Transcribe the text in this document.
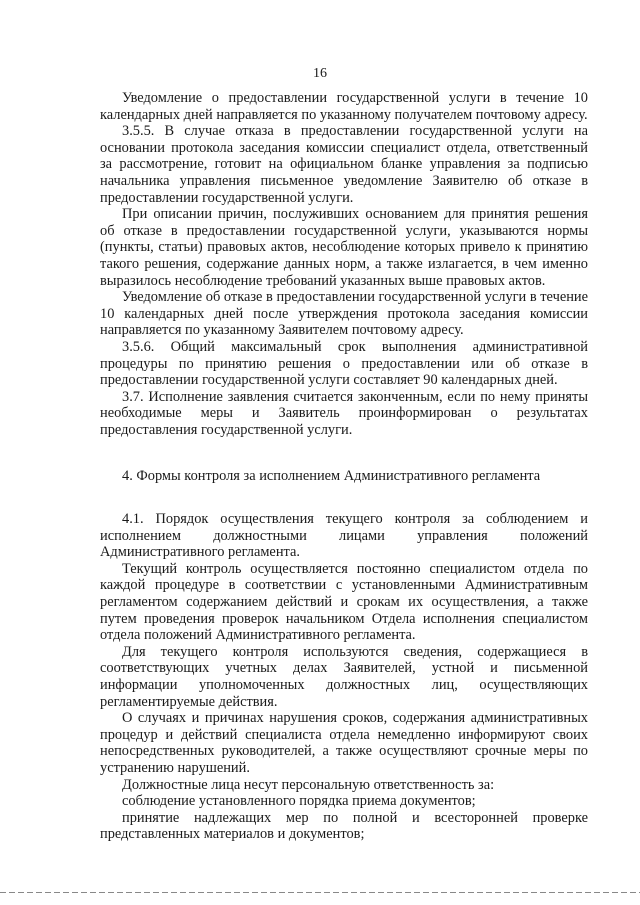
16

Уведомление о предоставлении государственной услуги в течение 10 календарных дней направляется по указанному получателем почтовому адресу.

3.5.5. В случае отказа в предоставлении государственной услуги на основании протокола заседания комиссии специалист отдела, ответственный за рассмотрение, готовит на официальном бланке управления за подписью начальника управления письменное уведомление Заявителю об отказе в предоставлении государственной услуги.

При описании причин, послуживших основанием для принятия решения об отказе в предоставлении государственной услуги, указываются нормы (пункты, статьи) правовых актов, несоблюдение которых привело к принятию такого решения, содержание данных норм, а также излагается, в чем именно выразилось несоблюдение требований указанных выше правовых актов.

Уведомление об отказе в предоставлении государственной услуги в течение 10 календарных дней после утверждения протокола заседания комиссии направляется по указанному Заявителем почтовому адресу.

3.5.6. Общий максимальный срок выполнения административной процедуры по принятию решения о предоставлении или об отказе в предоставлении государственной услуги составляет 90 календарных дней.

3.7. Исполнение заявления считается законченным, если по нему приняты необходимые меры и Заявитель проинформирован о результатах предоставления государственной услуги.

4. Формы контроля за исполнением Административного регламента

4.1. Порядок осуществления текущего контроля за соблюдением и исполнением должностными лицами управления положений Административного регламента.

Текущий контроль осуществляется постоянно специалистом отдела по каждой процедуре в соответствии с установленными Административным регламентом содержанием действий и срокам их осуществления, а также путем проведения проверок начальником Отдела исполнения специалистом отдела положений Административного регламента.

Для текущего контроля используются сведения, содержащиеся в соответствующих учетных делах Заявителей, устной и письменной информации уполномоченных должностных лиц, осуществляющих регламентируемые действия.

О случаях и причинах нарушения сроков, содержания административных процедур и действий специалиста отдела немедленно информируют своих непосредственных руководителей, а также осуществляют срочные меры по устранению нарушений.

Должностные лица несут персональную ответственность за:

соблюдение установленного порядка приема документов;

принятие надлежащих мер по полной и всесторонней проверке представленных материалов и документов;
